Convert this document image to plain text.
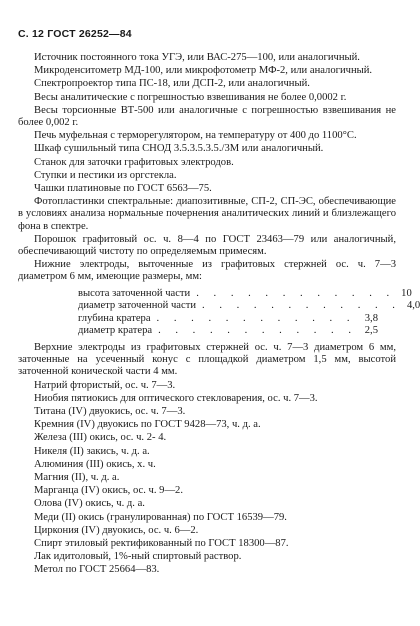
С. 12 ГОСТ 26252—84

Источник постоянного тока УГЭ, или ВАС-275—100, или аналогичный.

Микроденситометр МД-100, или микрофотометр МФ-2, или аналогичный.

Спектропроектор типа ПС-18, или ДСП-2, или аналогичный.

Весы аналитические с погрешностью взвешивания не более 0,0002 г.

Весы торсионные ВТ-500 или аналогичные с погрешностью взвешивания не более 0,002 г.

Печь муфельная с терморегулятором, на температуру от 400 до 1100°С.

Шкаф сушильный типа СНОД 3.5.3.5.3.5./3М или аналогичный.

Станок для заточки графитовых электродов.

Ступки и пестики из оргстекла.

Чашки платиновые по ГОСТ 6563—75.

Фотопластинки спектральные: диапозитивные, СП-2, СП-ЭС, обеспечивающие в условиях анализа нормальные почернения аналитических линий и близлежащего фона в спектре.

Порошок графитовый ос. ч. 8—4 по ГОСТ 23463—79 или аналогичный, обеспечивающий чистоту по определяемым примесям.

Нижние электроды, выточенные из графитовых стержней ос. ч. 7—3 диаметром 6 мм, имеющие размеры, мм:

высота заточенной части . . . . . . . . . . . . 10
диаметр заточенной части . . . . . . . . . . . . 4,0
глубина кратера . . . . . . . . . . . . 3,8
диаметр кратера . . . . . . . . . . . . 2,5

Верхние электроды из графитовых стержней ос. ч. 7—3 диаметром 6 мм, заточенные на усеченный конус с площадкой диаметром 1,5 мм, высотой заточенной конической части 4 мм.

Натрий фтористый, ос. ч. 7—3.

Ниобия пятиокись для оптического стекловарения, ос. ч. 7—3.

Титана (IV) двуокись, ос. ч. 7—3.

Кремния (IV) двуокись по ГОСТ 9428—73, ч. д. а.

Железа (III) окись, ос. ч. 2- 4.

Никеля (II) закись, ч. д. а.

Алюминия (III) окись, х. ч.

Магния (II), ч. д. а.

Марганца (IV) окись, ос. ч. 9—2.

Олова (IV) окись, ч. д. а.

Меди (II) окись (гранулированная) по ГОСТ 16539—79.

Циркония (IV) двуокись, ос. ч. 6—2.

Спирт этиловый ректификованный по ГОСТ 18300—87.

Лак идитоловый, 1%-ный спиртовый раствор.

Метол по ГОСТ 25664—83.
